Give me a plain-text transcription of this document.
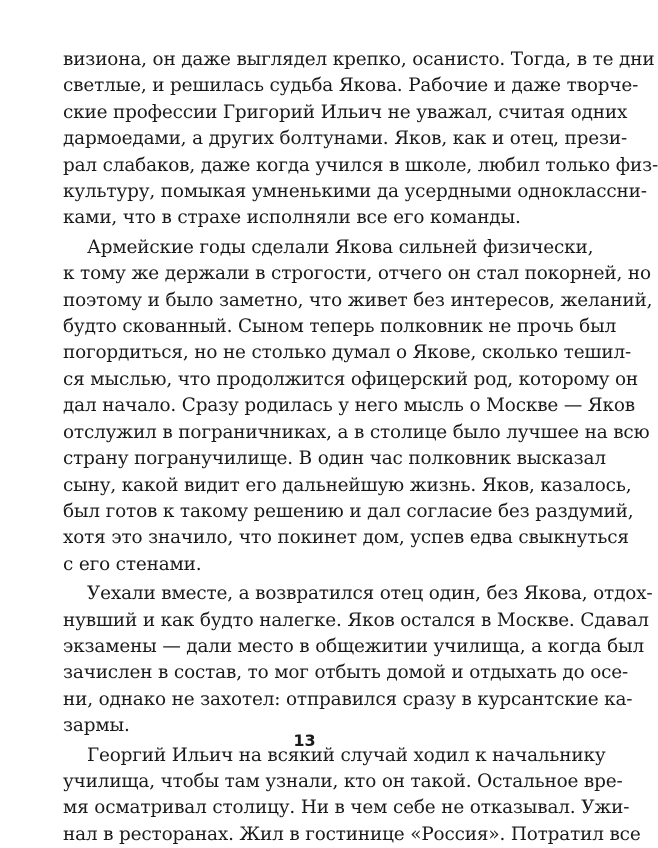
визиона, он даже выглядел крепко, осанисто. Тогда, в те дни
светлые, и решилась судьба Якова. Рабочие и даже творче-
ские профессии Григорий Ильич не уважал, считая одних
дармоедами, а других болтунами. Яков, как и отец, прези-
рал слабаков, даже когда учился в школе, любил только физ-
культуру, помыкая умненькими да усердными одноклассни-
ками, что в страхе исполняли все его команды.
Армейские годы сделали Якова сильней физически,
к тому же держали в строгости, отчего он стал покорней, но
поэтому и было заметно, что живет без интересов, желаний,
будто скованный. Сыном теперь полковник не прочь был
погордиться, но не столько думал о Якове, сколько тешил-
ся мыслью, что продолжится офицерский род, которому он
дал начало. Сразу родилась у него мысль о Москве — Яков
отслужил в пограничниках, а в столице было лучшее на всю
страну погранучилище. В один час полковник высказал
сыну, какой видит его дальнейшую жизнь. Яков, казалось,
был готов к такому решению и дал согласие без раздумий,
хотя это значило, что покинет дом, успев едва свыкнуться
с его стенами.
Уехали вместе, а возвратился отец один, без Якова, отдох-
нувший и как будто налегке. Яков остался в Москве. Сдавал
экзамены — дали место в общежитии училища, а когда был
зачислен в состав, то мог отбыть домой и отдыхать до осе-
ни, однако не захотел: отправился сразу в курсантские ка-
зармы.
Георгий Ильич на всякий случай ходил к начальнику
училища, чтобы там узнали, кто он такой. Остальное вре-
мя осматривал столицу. Ни в чем себе не отказывал. Ужи-
нал в ресторанах. Жил в гостинице «Россия». Потратил все
13
